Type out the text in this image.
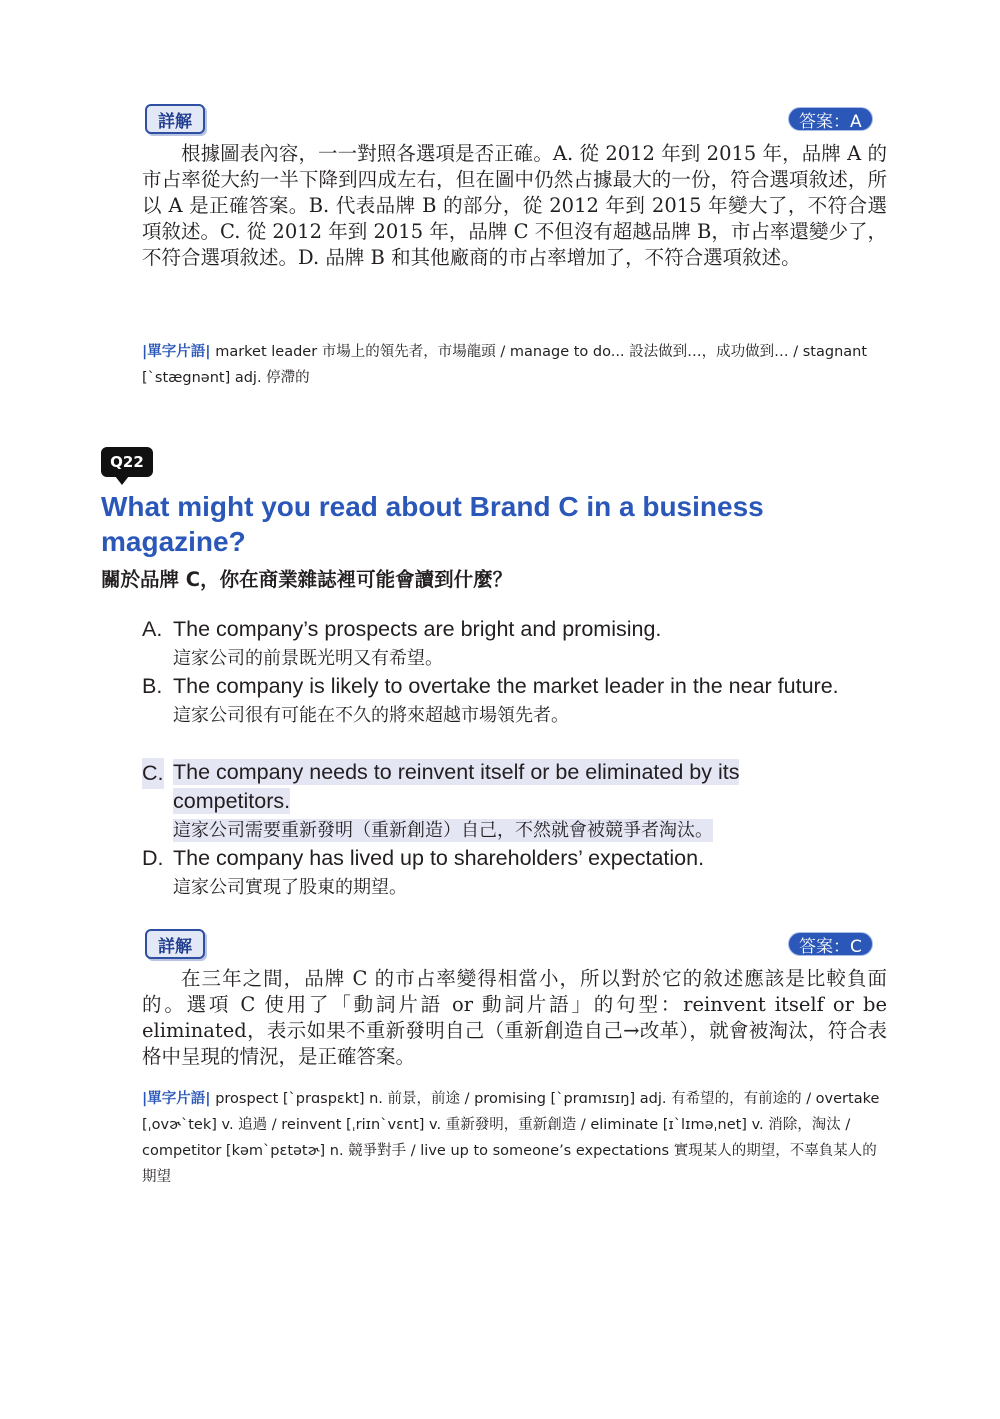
詳解	答案：A

根據圖表內容，一一對照各選項是否正確。A. 從 2012 年到 2015 年，品牌 A 的市占率從大約一半下降到四成左右，但在圖中仍然占據最大的一份，符合選項敘述，所以 A 是正確答案。B. 代表品牌 B 的部分，從 2012 年到 2015 年變大了，不符合選項敘述。C. 從 2012 年到 2015 年，品牌 C 不但沒有超越品牌 B，市占率還變少了，不符合選項敘述。D. 品牌 B 和其他廠商的市占率增加了，不符合選項敘述。

|單字片語| market leader 市場上的領先者，市場龍頭 / manage to do... 設法做到…，成功做到… / stagnant [`stægnənt] adj. 停滯的
Q22
What might you read about Brand C in a business magazine?
關於品牌 C，你在商業雜誌裡可能會讀到什麼？
A. The company’s prospects are bright and promising.
這家公司的前景既光明又有希望。
B. The company is likely to overtake the market leader in the near future.
這家公司很有可能在不久的將來超越市場領先者。
C. The company needs to reinvent itself or be eliminated by its competitors.
這家公司需要重新發明（重新創造）自己，不然就會被競爭者淘汰。
D. The company has lived up to shareholders’ expectation.
這家公司實現了股東的期望。
詳解	答案：C

在三年之間，品牌 C 的市占率變得相當小，所以對於它的敘述應該是比較負面的。選項 C 使用了「動詞片語 or 動詞片語」的句型：reinvent itself or be eliminated，表示如果不重新發明自己（重新創造自己→改革），就會被淘汰，符合表格中呈現的情況，是正確答案。

|單字片語| prospect [`prɑspɛkt] n. 前景，前途 / promising [`prɑmɪsɪŋ] adj. 有希望的，有前途的 / overtake [ˌovɚ`tek] v. 追過 / reinvent [ˌriɪn`vɛnt] v. 重新發明，重新創造 / eliminate [ɪ`lɪməˌnet] v. 消除，淘汰 / competitor [kəm`pɛtətɚ] n. 競爭對手 / live up to someone’s expectations 實現某人的期望，不辜負某人的期望
